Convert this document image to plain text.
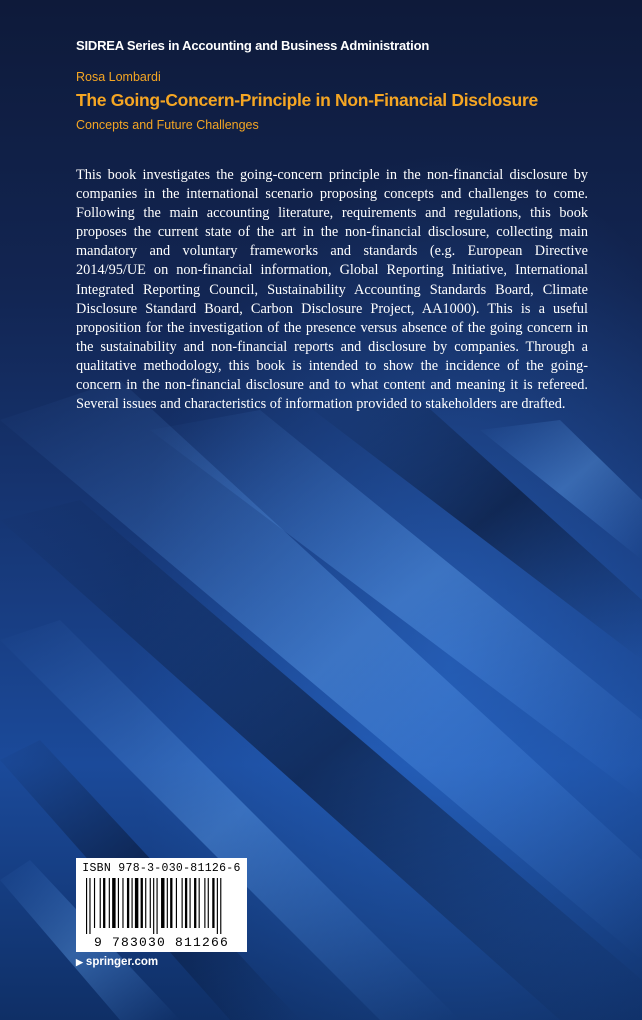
SIDREA Series in Accounting and Business Administration
Rosa Lombardi
The Going-Concern-Principle in Non-Financial Disclosure
Concepts and Future Challenges

This book investigates the going-concern principle in the non-financial disclosure by companies in the international scenario proposing concepts and challenges to come. Following the main accounting literature, requirements and regulations, this book proposes the current state of the art in the non-financial disclosure, collecting main mandatory and voluntary frameworks and standards (e.g. European Directive 2014/95/UE on non-financial information, Global Reporting Initiative, International Integrated Reporting Council, Sustainability Accounting Standards Board, Climate Disclosure Standard Board, Carbon Disclosure Project, AA1000). This is a useful proposition for the investigation of the presence versus absence of the going concern in the sustainability and non-financial reports and disclosure by companies. Through a qualitative methodology, this book is intended to show the incidence of the going-concern in the non-financial disclosure and to what content and meaning it is refereed. Several issues and characteristics of information provided to stakeholders are drafted.

ISBN 978-3-030-81126-6
9 783030 811266
▶ springer.com
